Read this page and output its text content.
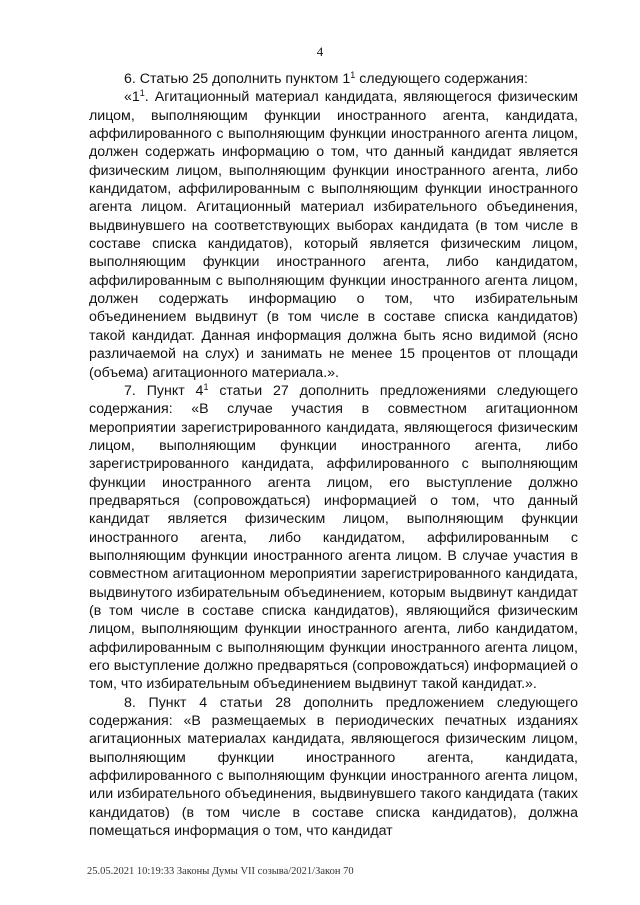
4

6. Статью 25 дополнить пунктом $1^1$ следующего содержания:

«$1^1$. Агитационный материал кандидата, являющегося физическим лицом, выполняющим функции иностранного агента, кандидата, аффилированного с выполняющим функции иностранного агента лицом, должен содержать информацию о том, что данный кандидат является физическим лицом, выполняющим функции иностранного агента, либо кандидатом, аффилированным с выполняющим функции иностранного агента лицом. Агитационный материал избирательного объединения, выдвинувшего на соответствующих выборах кандидата (в том числе в составе списка кандидатов), который является физическим лицом, выполняющим функции иностранного агента, либо кандидатом, аффилированным с выполняющим функции иностранного агента лицом, должен содержать информацию о том, что избирательным объединением выдвинут (в том числе в составе списка кандидатов) такой кандидат. Данная информация должна быть ясно видимой (ясно различаемой на слух) и занимать не менее 15 процентов от площади (объема) агитационного материала.».

7. Пункт $4^1$ статьи 27 дополнить предложениями следующего содержания: «В случае участия в совместном агитационном мероприятии зарегистрированного кандидата, являющегося физическим лицом, выполняющим функции иностранного агента, либо зарегистрированного кандидата, аффилированного с выполняющим функции иностранного агента лицом, его выступление должно предваряться (сопровождаться) информацией о том, что данный кандидат является физическим лицом, выполняющим функции иностранного агента, либо кандидатом, аффилированным с выполняющим функции иностранного агента лицом. В случае участия в совместном агитационном мероприятии зарегистрированного кандидата, выдвинутого избирательным объединением, которым выдвинут кандидат (в том числе в составе списка кандидатов), являющийся физическим лицом, выполняющим функции иностранного агента, либо кандидатом, аффилированным с выполняющим функции иностранного агента лицом, его выступление должно предваряться (сопровождаться) информацией о том, что избирательным объединением выдвинут такой кандидат.».

8. Пункт 4 статьи 28 дополнить предложением следующего содержания: «В размещаемых в периодических печатных изданиях агитационных материалах кандидата, являющегося физическим лицом, выполняющим функции иностранного агента, кандидата, аффилированного с выполняющим функции иностранного агента лицом, или избирательного объединения, выдвинувшего такого кандидата (таких кандидатов) (в том числе в составе списка кандидатов), должна помещаться информация о том, что кандидат

25.05.2021 10:19:33 Законы Думы VII созыва/2021/Закон 70
